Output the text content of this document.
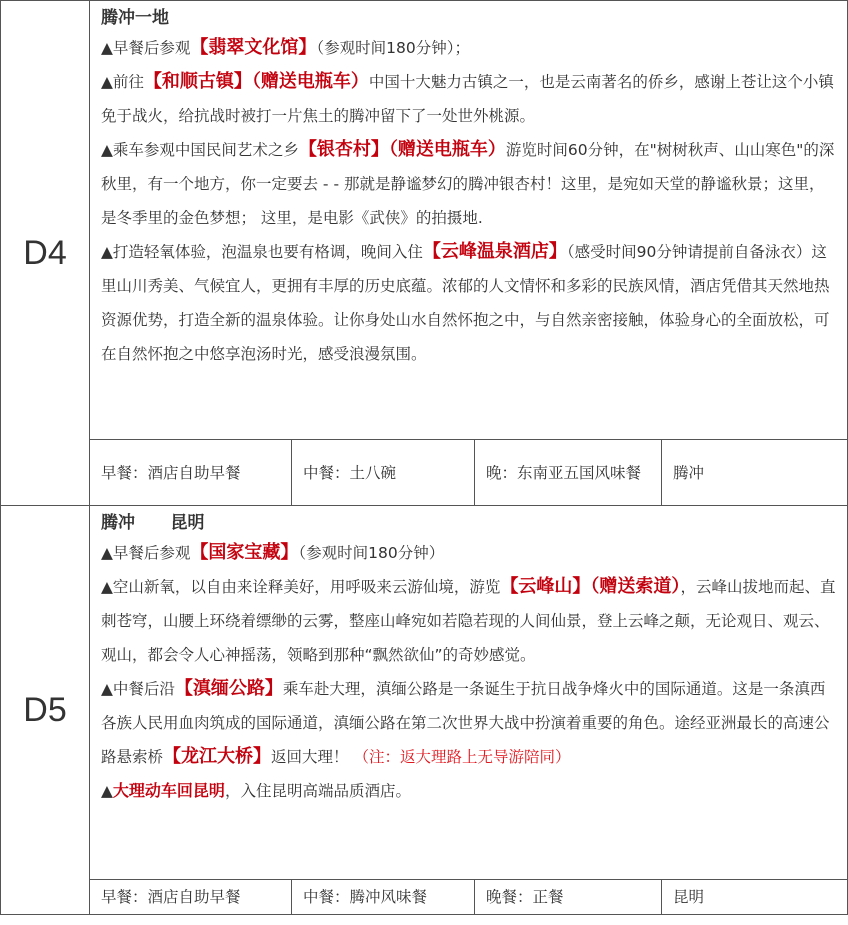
D4	腾冲一地
▲早餐后参观【翡翠文化馆】（参观时间180分钟）；
▲前往【和顺古镇】（赠送电瓶车）中国十大魅力古镇之一，也是云南著名的侨乡，感谢上苍让这个小镇免于战火，给抗战时被打一片焦土的腾冲留下了一处世外桃源。
▲乘车参观中国民间艺术之乡【银杏村】（赠送电瓶车）游览时间60分钟，在"树树秋声、山山寒色"的深秋里，有一个地方，你一定要去 - - 那就是静谧梦幻的腾冲银杏村！这里，是宛如天堂的静谧秋景；这里，是冬季里的金色梦想； 这里，是电影《武侠》的拍摄地.
▲打造轻氧体验，泡温泉也要有格调，晚间入住【云峰温泉酒店】（感受时间90分钟请提前自备泳衣）这里山川秀美、气候宜人，更拥有丰厚的历史底蕴。浓郁的人文情怀和多彩的民族风情，酒店凭借其天然地热资源优势，打造全新的温泉体验。让你身处山水自然怀抱之中，与自然亲密接触，体验身心的全面放松，可在自然怀抱之中悠享泡汤时光，感受浪漫氛围。			

	早餐：酒店自助早餐	中餐：土八碗	晚：东南亚五国风味餐	腾冲
D5	腾冲      昆明
▲早餐后参观【国家宝藏】（参观时间180分钟）
▲空山新氧，以自由来诠释美好，用呼吸来云游仙境，游览【云峰山】（赠送索道），云峰山拔地而起、直刺苍穹，山腰上环绕着缥缈的云雾，整座山峰宛如若隐若现的人间仙景，登上云峰之颠，无论观日、观云、观山，都会令人心神摇荡，领略到那种“飘然欲仙”的奇妙感觉。
▲中餐后沿【滇缅公路】乘车赴大理，滇缅公路是一条诞生于抗日战争烽火中的国际通道。这是一条滇西各族人民用血肉筑成的国际通道，滇缅公路在第二次世界大战中扮演着重要的角色。途经亚洲最长的高速公路悬索桥【龙江大桥】返回大理！ （注：返大理路上无导游陪同）
▲大理动车回昆明，入住昆明高端品质酒店。			

	早餐：酒店自助早餐	中餐：腾冲风味餐	晚餐：正餐	昆明
